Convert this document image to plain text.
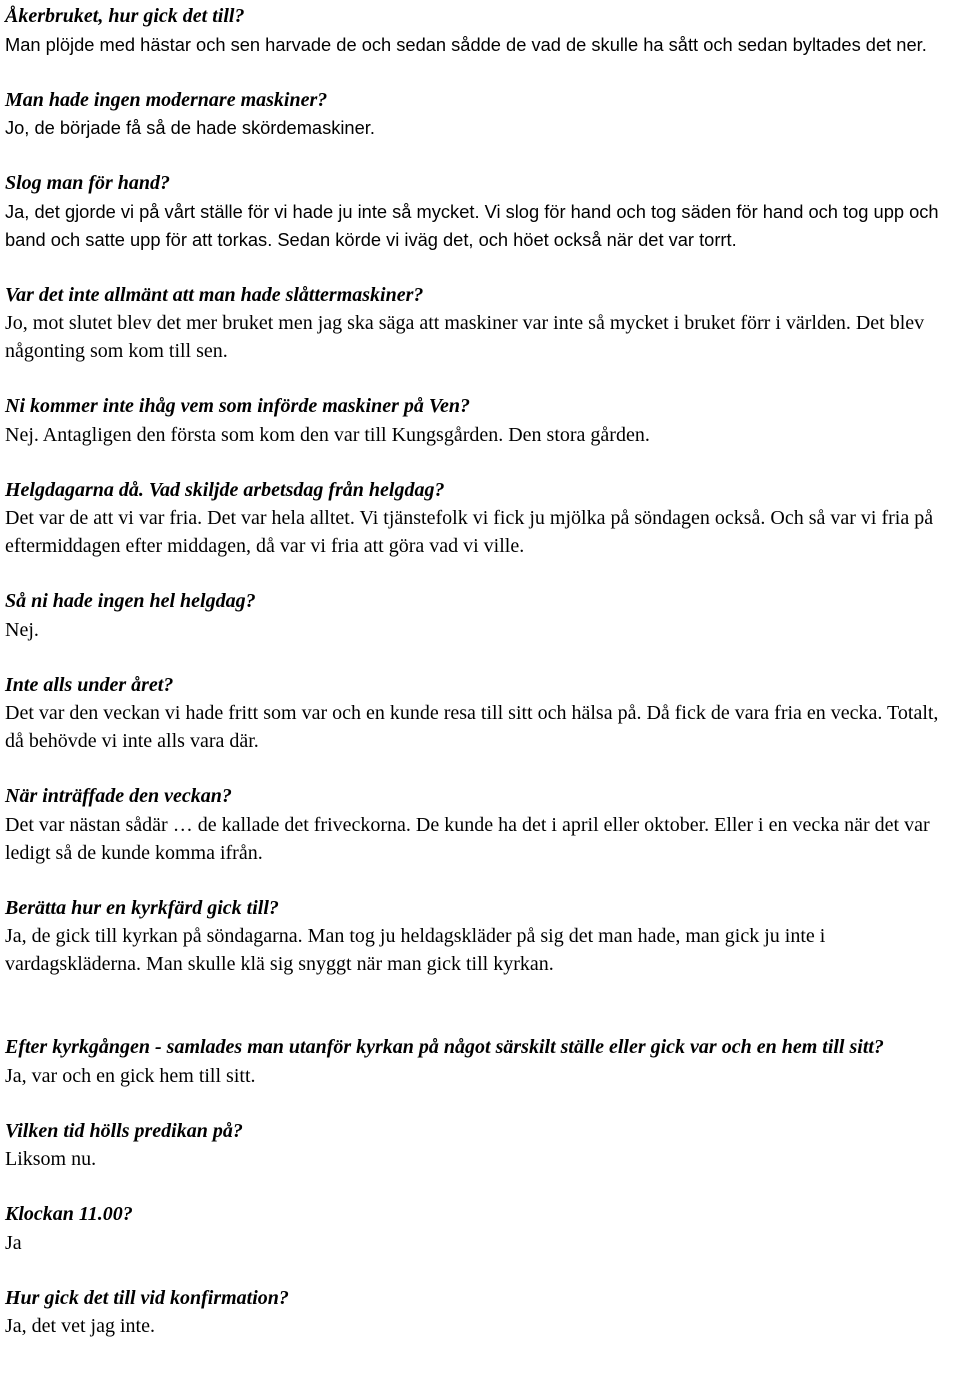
Åkerbruket, hur gick det till?

Man plöjde med hästar och sen harvade de och sedan sådde de vad de skulle ha sått och sedan byltades det ner.

Man hade ingen modernare maskiner?

Jo, de började få så de hade skördemaskiner.

Slog man för hand?

Ja, det gjorde vi på vårt ställe för vi hade ju inte så mycket. Vi slog för hand och tog säden för hand och tog upp och band och satte upp för att torkas. Sedan körde vi iväg det, och höet också när det var torrt.

Var det inte allmänt att man hade slåttermaskiner?

Jo, mot slutet blev det mer bruket men jag ska säga att maskiner var inte så mycket i bruket förr i världen. Det blev någonting som kom till sen.

Ni kommer inte ihåg vem som införde maskiner på Ven?

Nej. Antagligen den första som kom den var till Kungsgården. Den stora gården.

Helgdagarna då. Vad skiljde arbetsdag från helgdag?

Det var de att vi var fria. Det var hela alltet. Vi tjänstefolk vi fick ju mjölka på söndagen också. Och så var vi fria på eftermiddagen efter middagen, då var vi fria att göra vad vi ville.

Så ni hade ingen hel helgdag?

Nej.

Inte alls under året?

Det var den veckan vi hade fritt som var och en kunde resa till sitt och hälsa på. Då fick de vara fria en vecka. Totalt, då behövde vi inte alls vara där.

När inträffade den veckan?

Det var nästan sådär … de kallade det friveckorna. De kunde ha det i april eller oktober. Eller i en vecka när det var ledigt så de kunde komma ifrån.

Berätta hur en kyrkfärd gick till?

Ja, de gick till kyrkan på söndagarna. Man tog ju heldagskläder på sig det man hade, man gick ju inte i vardagskläderna. Man skulle klä sig snyggt när man gick till kyrkan.

Efter kyrkgången - samlades man utanför kyrkan på något särskilt ställe eller gick var och en hem till sitt?

Ja, var och en gick hem till sitt.

Vilken tid hölls predikan på?

Liksom nu.

Klockan 11.00?

Ja

Hur gick det till vid konfirmation?

Ja, det vet jag inte.
